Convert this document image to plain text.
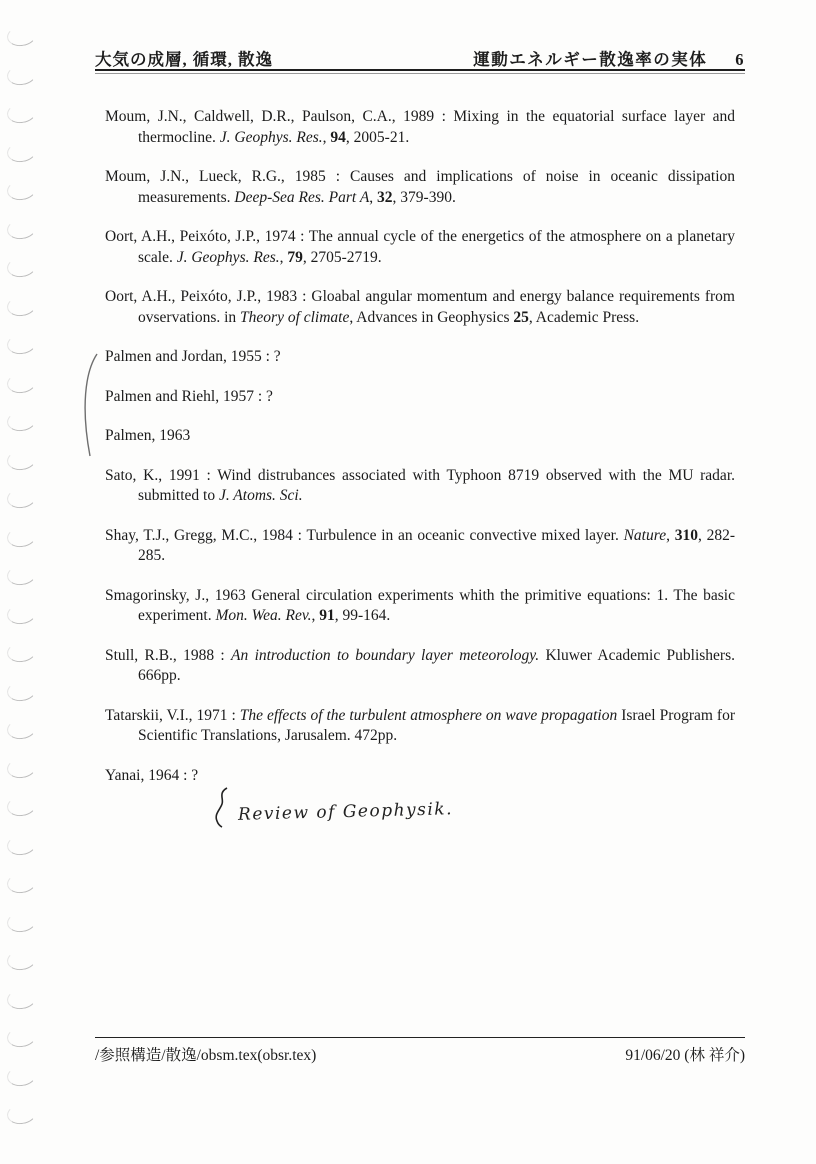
大気の成層, 循環, 散逸	運動エネルギー散逸率の実体 6

Moum, J.N., Caldwell, D.R., Paulson, C.A., 1989 : Mixing in the equatorial surface layer and thermocline. J. Geophys. Res., 94, 2005-21.

Moum, J.N., Lueck, R.G., 1985 : Causes and implications of noise in oceanic dissipation measurements. Deep-Sea Res. Part A, 32, 379-390.

Oort, A.H., Peixóto, J.P., 1974 : The annual cycle of the energetics of the atmosphere on a planetary scale. J. Geophys. Res., 79, 2705-2719.

Oort, A.H., Peixóto, J.P., 1983 : Gloabal angular momentum and energy balance requirements from ovservations. in Theory of climate, Advances in Geophysics 25, Academic Press.

Palmen and Jordan, 1955 : ?

Palmen and Riehl, 1957 : ?

Palmen, 1963

Sato, K., 1991 : Wind distrubances associated with Typhoon 8719 observed with the MU radar. submitted to J. Atoms. Sci.

Shay, T.J., Gregg, M.C., 1984 : Turbulence in an oceanic convective mixed layer. Nature, 310, 282-285.

Smagorinsky, J., 1963 General circulation experiments whith the primitive equations: 1. The basic experiment. Mon. Wea. Rev., 91, 99-164.

Stull, R.B., 1988 : An introduction to boundary layer meteorology. Kluwer Academic Publishers. 666pp.

Tatarskii, V.I., 1971 : The effects of the turbulent atmosphere on wave propagation Israel Program for Scientific Translations, Jarusalem. 472pp.

Yanai, 1964 : ?

Review of Geophysik.
/参照構造/散逸/obsm.tex(obsr.tex)	91/06/20 (林 祥介)
